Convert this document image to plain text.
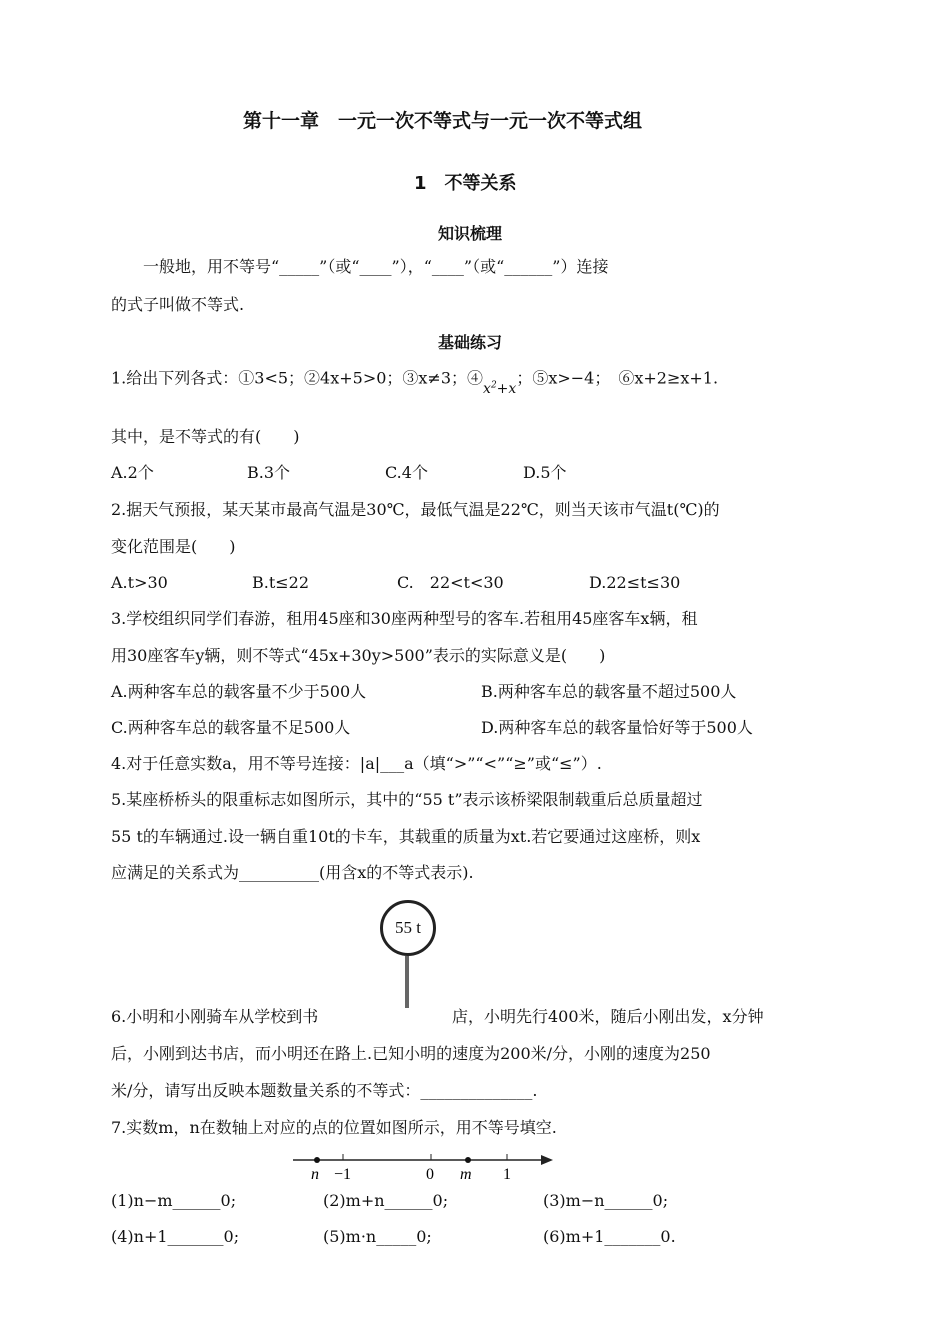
第十一章　一元一次不等式与一元一次不等式组
1　不等关系
知识梳理
一般地，用不等号“_____”（或“____”），“____”（或“______”）连接
的式子叫做不等式.
基础练习
1.给出下列各式：①3<5；②4x+5>0；③x≠3；$④x^2+x$；⑤x>−4；　⑥x+2≥x+1.
其中，是不等式的有(　　)
A.2个	B.3个	C.4个	D.5个
2.据天气预报，某天某市最高气温是30℃，最低气温是22℃，则当天该市气温t(℃)的
变化范围是(　　)
A.t>30	B.t≤22	C.　22<t<30	D.22≤t≤30
3.学校组织同学们春游，租用45座和30座两种型号的客车.若租用45座客车x辆，租
用30座客车y辆，则不等式“45x+30y>500”表示的实际意义是(　　)
A.两种客车总的载客量不少于500人	B.两种客车总的载客量不超过500人
C.两种客车总的载客量不足500人	D.两种客车总的载客量恰好等于500人
4.对于任意实数a，用不等号连接：|a|___a（填“>”“<”“≥”或“≤”）.
5.某座桥桥头的限重标志如图所示，其中的“55 t”表示该桥梁限制载重后总质量超过
55 t的车辆通过.设一辆自重10t的卡车，其载重的质量为xt.若它要通过这座桥，则x
应满足的关系式为__________(用含x的不等式表示).
55 t
6.小明和小刚骑车从学校到书	店，小明先行400米，随后小刚出发，x分钟
后，小刚到达书店，而小明还在路上.已知小明的速度为200米/分，小刚的速度为250
米/分，请写出反映本题数量关系的不等式：______________.
7.实数m，n在数轴上对应的点的位置如图所示，用不等号填空.
n −1	0 m 1
(1)n−m______0;	(2)m+n______0;	(3)m−n______0;
(4)n+1_______0;	(5)m·n_____0;	(6)m+1_______0.
